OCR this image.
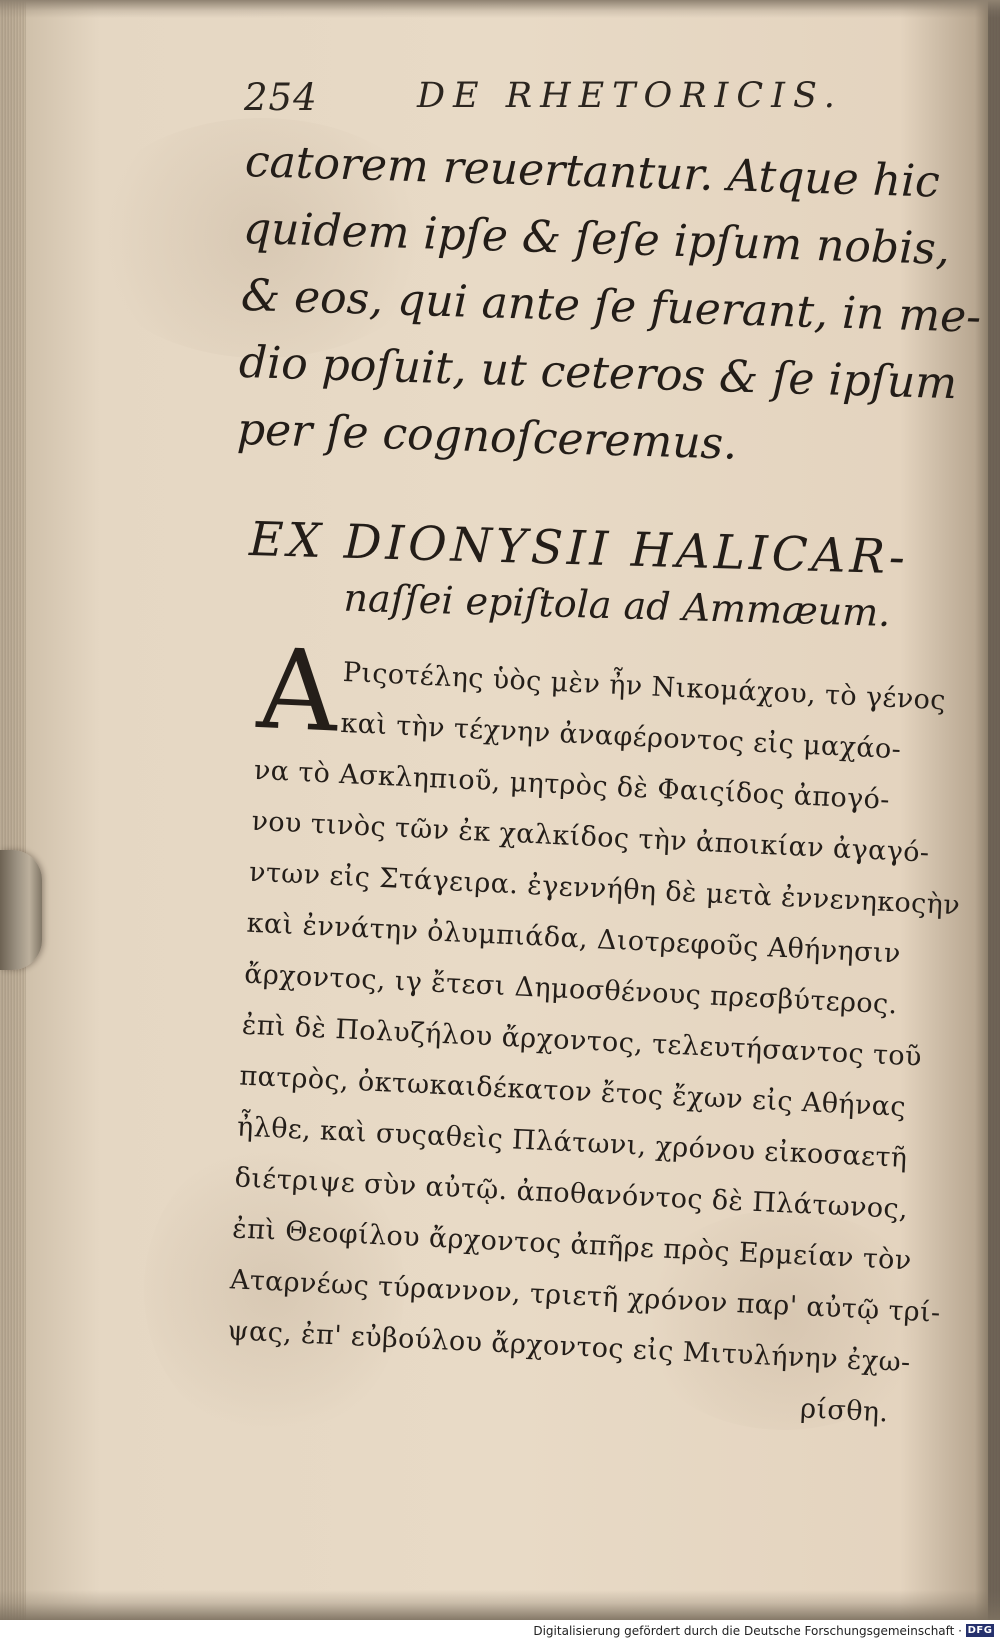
254	DE RHETORICIS.
catorem reuertantur. Atque hic
quidem ipſe & ſeſe ipſum nobis,
& eos, qui ante ſe fuerant, in me-
dio poſuit, ut ceteros & ſe ipſum
per ſe cognoſceremus.
EX DIONYSII HALICAR-
naſſei epiſtola ad Ammæum.
A Ριςοτέλης ὑὸς μὲν ἦν Νικομάχου, τὸ γένος
καὶ τὴν τέχνην ἀναφέροντος εἰς μαχάο-
να τὸ Ασκληπιοῦ, μητρὸς δὲ Φαιςίδος ἀπογό-
νου τινὸς τῶν ἐκ χαλκίδος τὴν ἀποικίαν ἀγαγό-
ντων εἰς Στάγειρα. ἐγεννήθη δὲ μετὰ ἐννενηκοςὴν
καὶ ἐννάτην ὀλυμπιάδα, Διοτρεφοῦς Αθήνησιν
ἄρχοντος, ιγ ἔτεσι Δημοσθένους πρεσβύτερος.
ἐπὶ δὲ Πολυζήλου ἄρχοντος, τελευτήσαντος τοῦ
πατρὸς, ὀκτωκαιδέκατον ἔτος ἔχων εἰς Αθήνας
ἦλθε, καὶ συςαθεὶς Πλάτωνι, χρόνου εἰκοσαετῆ
διέτριψε σὺν αὐτῷ. ἀποθανόντος δὲ Πλάτωνος,
ἐπὶ Θεοφίλου ἄρχοντος ἀπῆρε πρὸς Ερμείαν τὸν
Αταρνέως τύραννον, τριετῆ χρόνον παρ' αὐτῷ τρί-
ψας, ἐπ' εὐβούλου ἄρχοντος εἰς Μιτυλήνην ἐχω-
ρίσθη.
Digitalisierung gefördert durch die Deutsche Forschungsgemeinschaft · DFG
